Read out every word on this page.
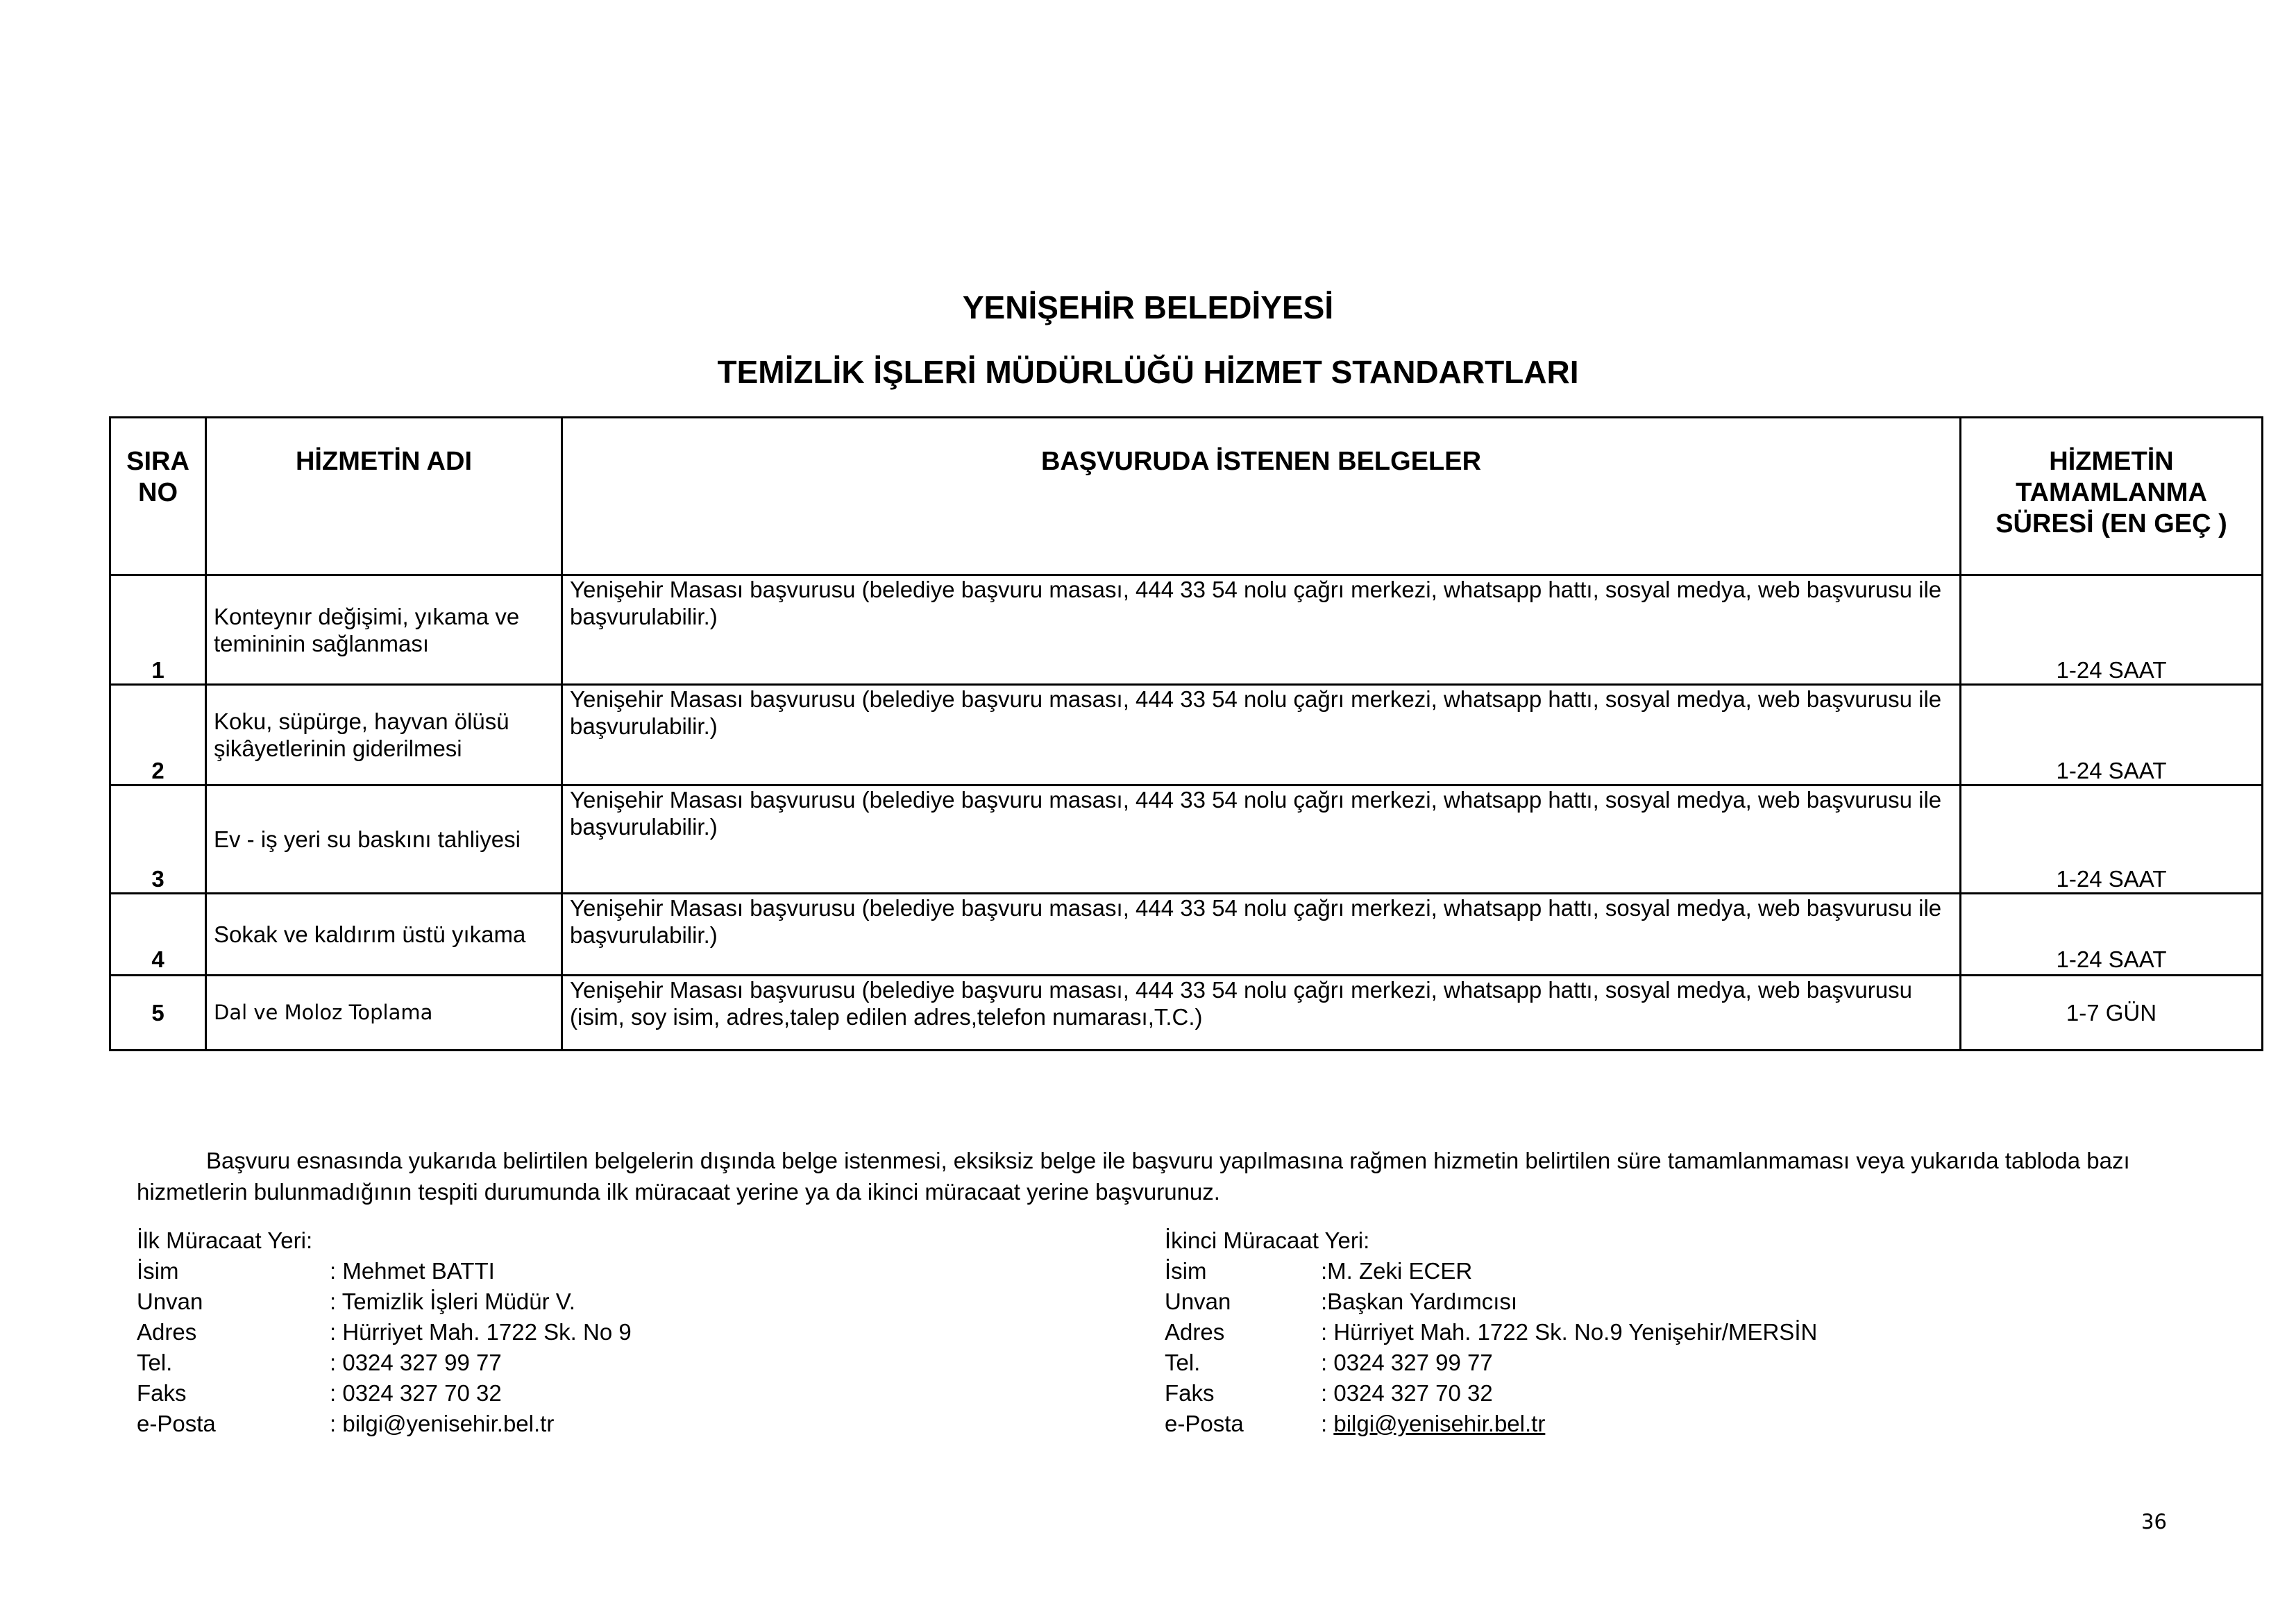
YENİŞEHİR BELEDİYESİ
TEMİZLİK İŞLERİ MÜDÜRLÜĞÜ HİZMET STANDARTLARI
SIRA NO	HİZMETİN ADI	BAŞVURUDA İSTENEN BELGELER	HİZMETİN TAMAMLANMA SÜRESİ (EN GEÇ )
1	Konteynır değişimi, yıkama ve temininin sağlanması	Yenişehir Masası başvurusu (belediye başvuru masası, 444 33 54 nolu çağrı merkezi, whatsapp hattı, sosyal medya, web başvurusu ile başvurulabilir.)	1-24 SAAT
2	Koku, süpürge, hayvan ölüsü şikâyetlerinin giderilmesi	Yenişehir Masası başvurusu (belediye başvuru masası, 444 33 54 nolu çağrı merkezi, whatsapp hattı, sosyal medya, web başvurusu ile başvurulabilir.)	1-24 SAAT
3	Ev - iş yeri su baskını tahliyesi	Yenişehir Masası başvurusu (belediye başvuru masası, 444 33 54 nolu çağrı merkezi, whatsapp hattı, sosyal medya, web başvurusu ile başvurulabilir.)	1-24 SAAT
4	Sokak ve kaldırım üstü yıkama	Yenişehir Masası başvurusu (belediye başvuru masası, 444 33 54 nolu çağrı merkezi, whatsapp hattı, sosyal medya, web başvurusu ile başvurulabilir.)	1-24 SAAT
5	Dal ve Moloz Toplama	Yenişehir Masası başvurusu (belediye başvuru masası, 444 33 54 nolu çağrı merkezi, whatsapp hattı, sosyal medya, web başvurusu (isim, soy isim, adres,talep edilen adres,telefon numarası,T.C.)	1-7 GÜN

Başvuru esnasında yukarıda belirtilen belgelerin dışında belge istenmesi, eksiksiz belge ile başvuru yapılmasına rağmen hizmetin belirtilen süre tamamlanmaması veya yukarıda tabloda bazı hizmetlerin bulunmadığının tespiti durumunda ilk müracaat yerine ya da ikinci müracaat yerine başvurunuz.

İlk Müracaat Yeri:
İsim	: Mehmet BATTI
Unvan	: Temizlik İşleri Müdür V.
Adres	: Hürriyet Mah. 1722 Sk. No 9
Tel.	: 0324 327 99 77
Faks	: 0324 327 70 32
e-Posta	: bilgi@yenisehir.bel.tr
İkinci Müracaat Yeri:
İsim	:M. Zeki ECER
Unvan	:Başkan Yardımcısı
Adres	: Hürriyet Mah. 1722 Sk. No.9 Yenişehir/MERSİN
Tel.	: 0324 327 99 77
Faks	: 0324 327 70 32
e-Posta	: bilgi@yenisehir.bel.tr
36
